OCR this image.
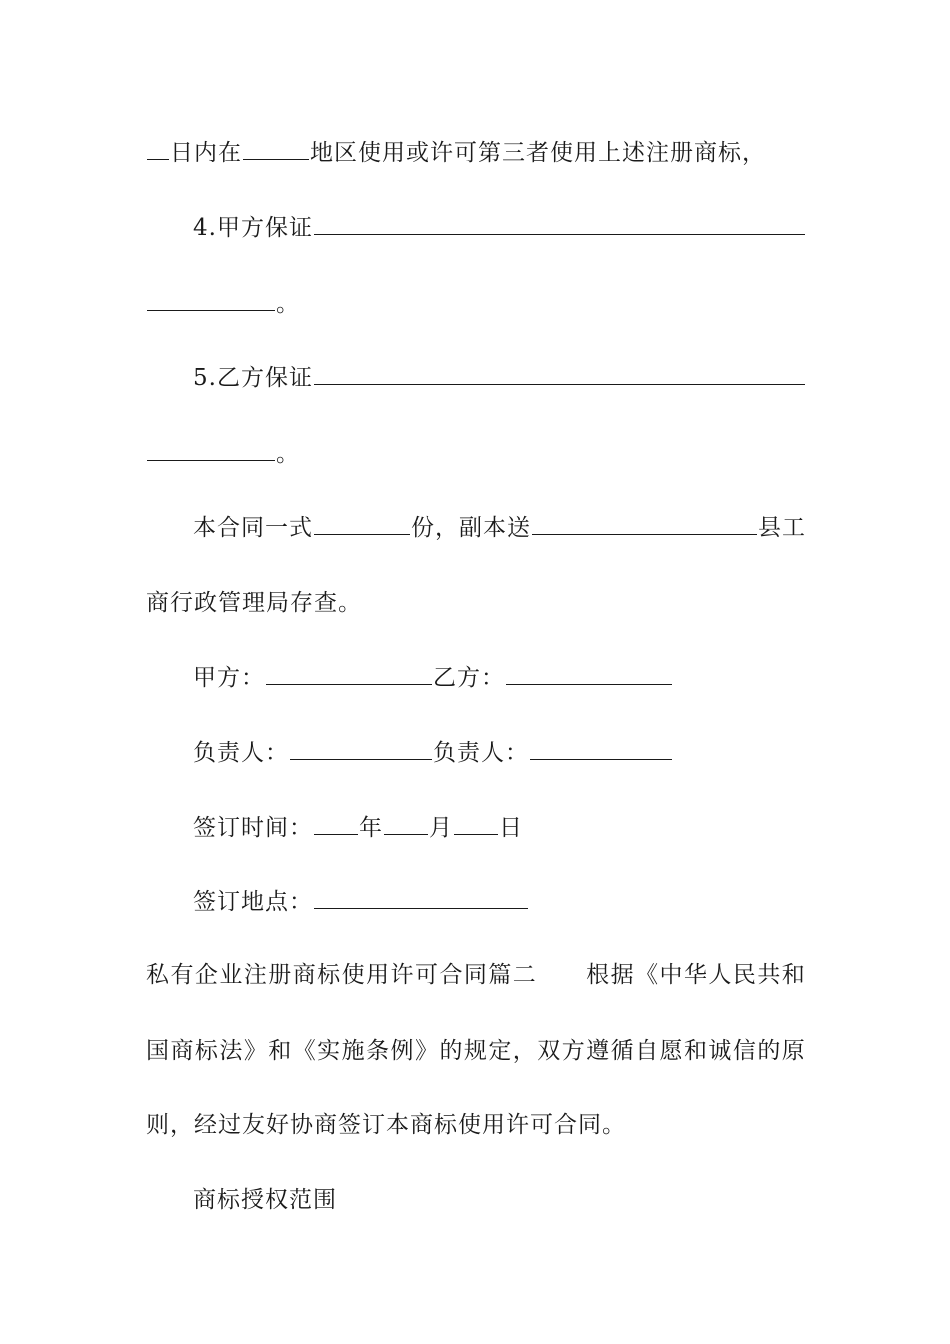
日内在	地区使用或许可第三者使用上述注册商标，
4.甲方保证
。
5.乙方保证
。
本合同一式	份，副本送	县工
商行政管理局存查。
甲方：	乙方：
负责人：	负责人：
签订时间： 年 月 日
签订地点：
私 有 企 业 注 册 商 标 使 用 许 可 合 同 篇 二

　 根 据 《 中 华 人 民 共 和
国 商 标 法 》 和 《 实 施 条 例 》 的 规 定 ， 双 方 遵 循 自 愿 和 诚 信 的 原
则，经过友好协商签订本商标使用许可合同。
商标授权范围
